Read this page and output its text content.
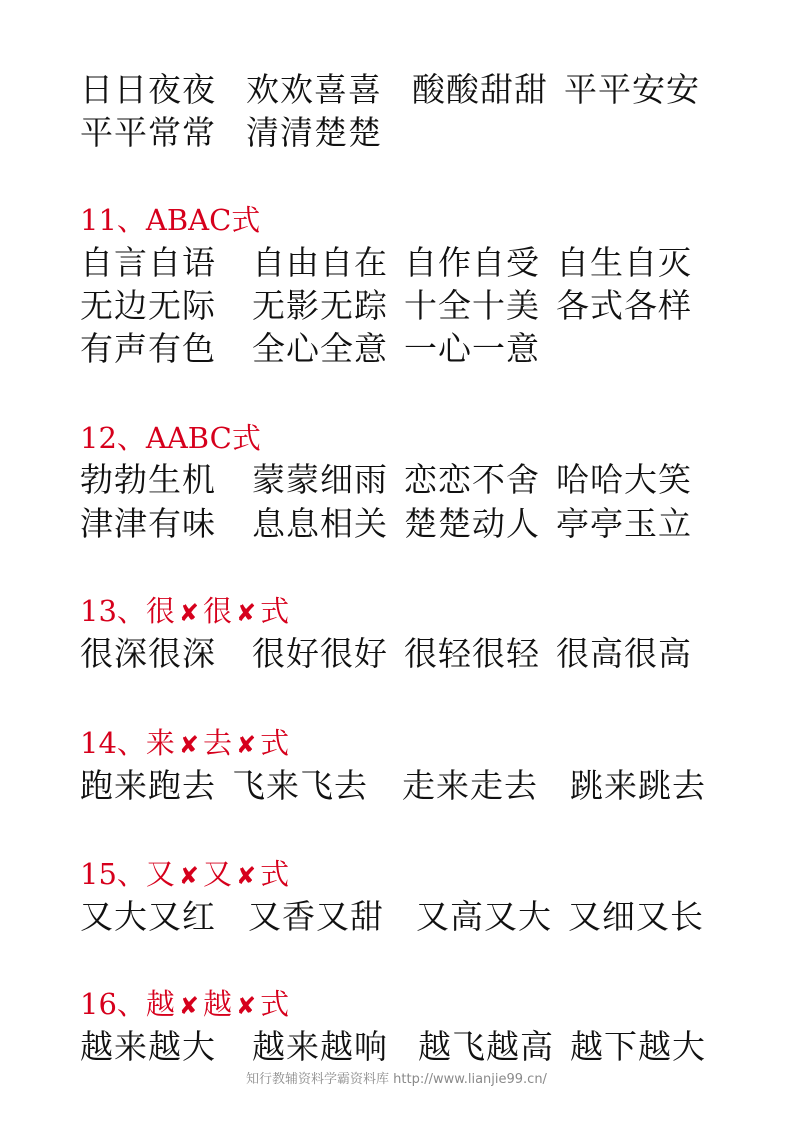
日日夜夜 欢欢喜喜 酸酸甜甜 平平安安
平平常常 清清楚楚
11、ABAC式
自言自语 自由自在 自作自受 自生自灭
无边无际 无影无踪 十全十美 各式各样
有声有色 全心全意 一心一意
12、AABC式
勃勃生机 蒙蒙细雨 恋恋不舍 哈哈大笑
津津有味 息息相关 楚楚动人 亭亭玉立
13、很 ✘ 很 ✘ 式
很深很深 很好很好 很轻很轻 很高很高
14、来 ✘ 去 ✘ 式
跑来跑去 飞来飞去 走来走去 跳来跳去
15、又 ✘ 又 ✘ 式
又大又红 又香又甜 又高又大 又细又长
16、越 ✘ 越 ✘ 式
越来越大 越来越响 越飞越高 越下越大
知行教辅资料学霸资料库 http://www.lianjie99.cn/
